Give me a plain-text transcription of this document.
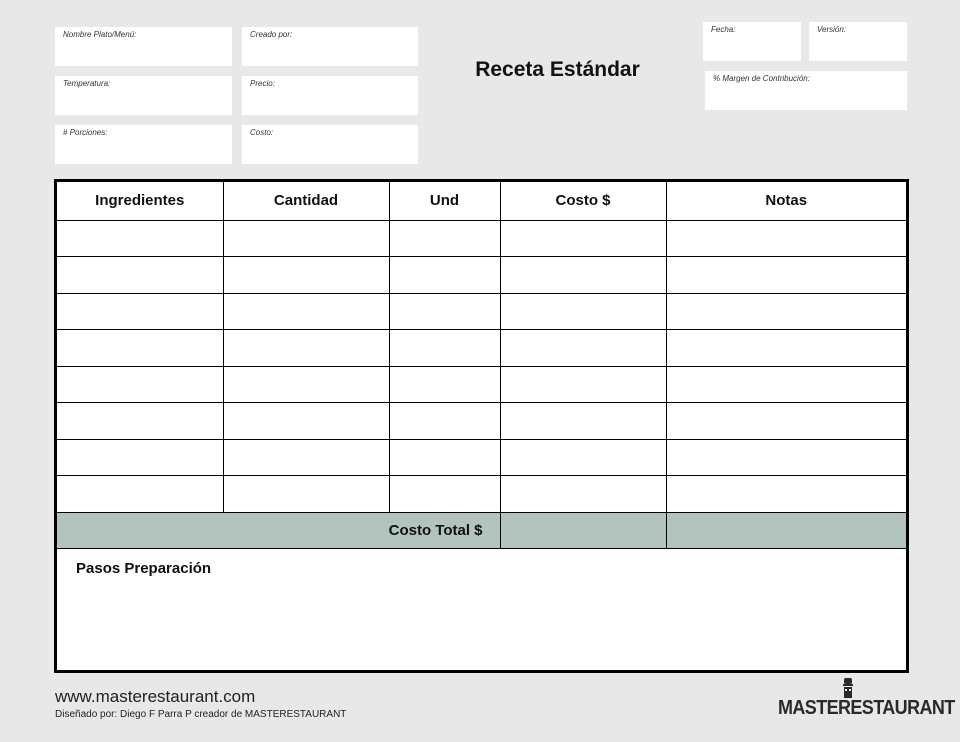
Nombre Plato/Menú:	Creado por:
Temperatura:	Precio:
# Porciones:	Costo:
Receta Estándar
Fecha:	Versión:
% Margen de Contribución:
Ingredientes	Cantidad	Und	Costo $	Notas

Costo Total $				
Pasos Preparación
www.masterestaurant.com
Diseñado por: Diego F Parra P creador de MASTERESTAURANT	MASTERESTAURANT
